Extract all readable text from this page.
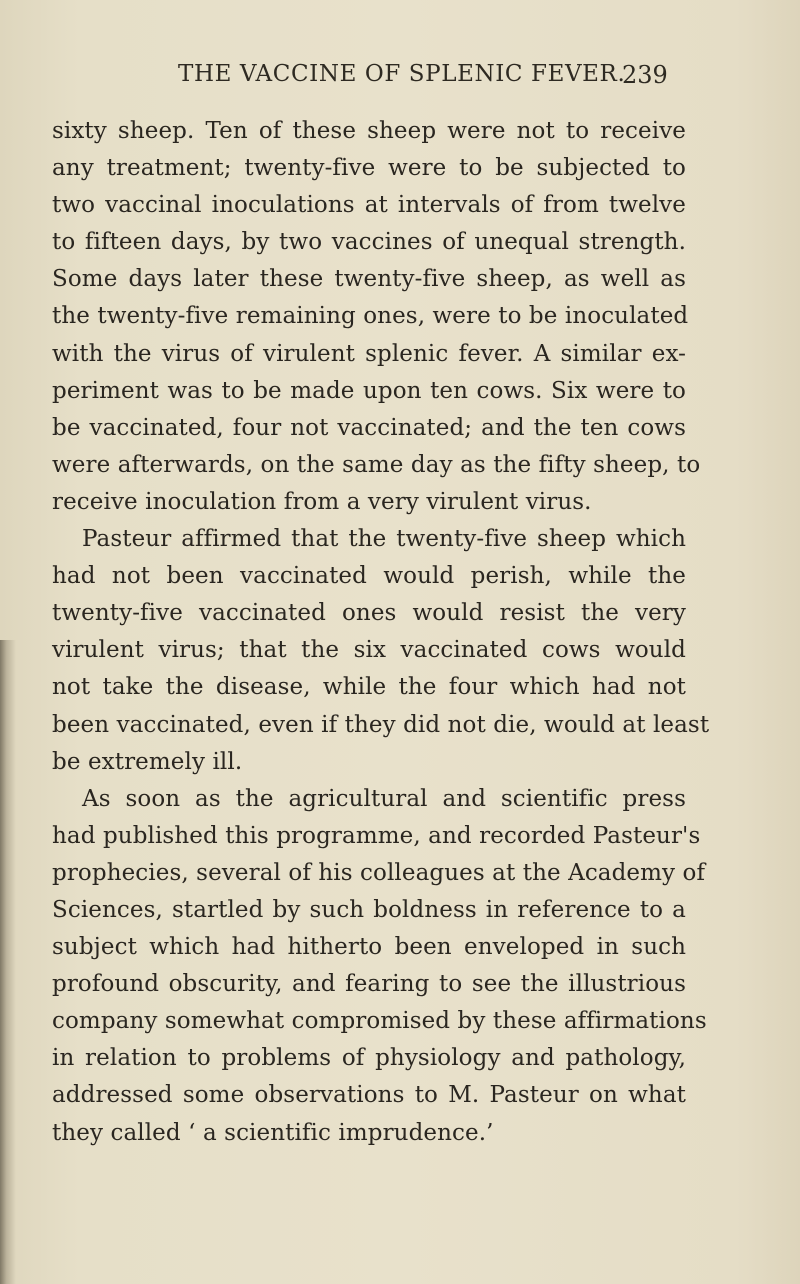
THE VACCINE OF SPLENIC FEVER.
239
sixty sheep. Ten of these sheep were not to receive
any treatment; twenty-five were to be subjected to
two vaccinal inoculations at intervals of from twelve
to fifteen days, by two vaccines of unequal strength.
Some days later these twenty-five sheep, as well as
the twenty-five remaining ones, were to be inoculated
with the virus of virulent splenic fever. A similar ex-
periment was to be made upon ten cows. Six were to
be vaccinated, four not vaccinated; and the ten cows
were afterwards, on the same day as the fifty sheep, to
receive inoculation from a very virulent virus.
Pasteur affirmed that the twenty-five sheep which
had not been vaccinated would perish, while the
twenty-five vaccinated ones would resist the very
virulent virus; that the six vaccinated cows would
not take the disease, while the four which had not
been vaccinated, even if they did not die, would at least
be extremely ill.
As soon as the agricultural and scientific press
had published this programme, and recorded Pasteur's
prophecies, several of his colleagues at the Academy of
Sciences, startled by such boldness in reference to a
subject which had hitherto been enveloped in such
profound obscurity, and fearing to see the illustrious
company somewhat compromised by these affirmations
in relation to problems of physiology and pathology,
addressed some observations to M. Pasteur on what
they called ‘ a scientific imprudence.’
